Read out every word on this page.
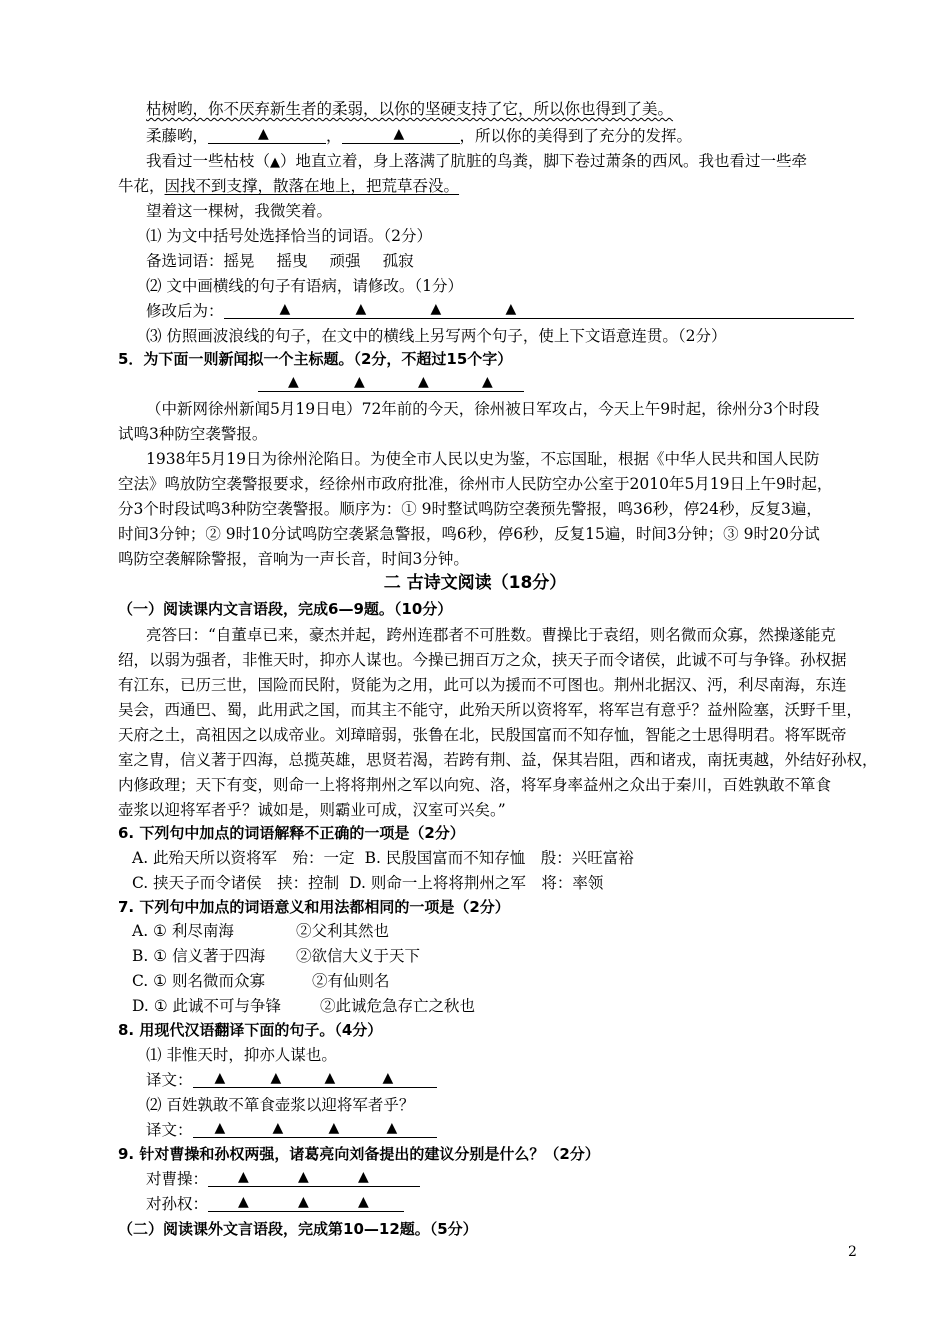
枯树哟，你不厌弃新生者的柔弱，以你的坚硬支持了它，所以你也得到了美。
柔藤哟，	▲	，	▲	，所以你的美得到了充分的发挥。
我看过一些枯枝（▲）地直立着，身上落满了肮脏的鸟粪，脚下卷过萧条的西风。我也看过一些牵
牛花，因找不到支撑，散落在地上，把荒草吞没。
望着这一棵树，我微笑着。
⑴ 为文中括号处选择恰当的词语。（2分）
备选词语：摇晃 摇曳 顽强 孤寂
⑵ 文中画横线的句子有语病，请修改。（1分）
修改后为：	▲	▲	▲	▲
⑶ 仿照画波浪线的句子，在文中的横线上另写两个句子，使上下文语意连贯。（2分）
5．为下面一则新闻拟一个主标题。（2分，不超过15个字）
▲	▲	▲	▲
（中新网徐州新闻5月19日电）72年前的今天，徐州被日军攻占，今天上午9时起，徐州分3个时段
试鸣3种防空袭警报。
1938年5月19日为徐州沦陷日。为使全市人民以史为鉴，不忘国耻，根据《中华人民共和国人民防
空法》鸣放防空袭警报要求，经徐州市政府批准，徐州市人民防空办公室于2010年5月19日上午9时起，
分3个时段试鸣3种防空袭警报。顺序为：① 9时整试鸣防空袭预先警报，鸣36秒，停24秒，反复3遍，
时间3分钟；② 9时10分试鸣防空袭紧急警报，鸣6秒，停6秒，反复15遍，时间3分钟；③ 9时20分试
鸣防空袭解除警报，音响为一声长音，时间3分钟。
二 古诗文阅读（18分）
（一）阅读课内文言语段，完成6—9题。（10分）
亮答曰：“自董卓已来，豪杰并起，跨州连郡者不可胜数。曹操比于袁绍，则名微而众寡，然操遂能克
绍，以弱为强者，非惟天时，抑亦人谋也。今操已拥百万之众，挟天子而令诸侯，此诚不可与争锋。孙权据
有江东，已历三世，国险而民附，贤能为之用，此可以为援而不可图也。荆州北据汉、沔，利尽南海，东连
吴会，西通巴、蜀，此用武之国，而其主不能守，此殆天所以资将军，将军岂有意乎？益州险塞，沃野千里，
天府之土，高祖因之以成帝业。刘璋暗弱，张鲁在北，民殷国富而不知存恤，智能之士思得明君。将军既帝
室之胄，信义著于四海，总揽英雄，思贤若渴，若跨有荆、益，保其岩阻，西和诸戎，南抚夷越，外结好孙权，
内修政理；天下有变，则命一上将将荆州之军以向宛、洛，将军身率益州之众出于秦川，百姓孰敢不箪食
壶浆以迎将军者乎？诚如是，则霸业可成，汉室可兴矣。”
6. 下列句中加点的词语解释不正确的一项是（2分）
A. 此殆天所以资将军　殆：一定 B. 民殷国富而不知存恤　殷：兴旺富裕
C. 挟天子而令诸侯　挟：控制 D. 则命一上将将荆州之军　将：率领
7. 下列句中加点的词语意义和用法都相同的一项是（2分）
A. ① 利尽南海	②父利其然也
B. ① 信义著于四海 ②欲信大义于天下
C. ① 则名微而众寡	②有仙则名
D. ① 此诚不可与争锋	②此诚危急存亡之秋也
8. 用现代汉语翻译下面的句子。（4分）
⑴ 非惟天时，抑亦人谋也。
译文： ▲	▲	▲	▲
⑵ 百姓孰敢不箪食壶浆以迎将军者乎？
译文： ▲	▲	▲	▲
9. 针对曹操和孙权两强，诸葛亮向刘备提出的建议分别是什么？（2分）
对曹操： ▲	▲	▲
对孙权： ▲	▲	▲
（二）阅读课外文言语段，完成第10—12题。（5分）
2
